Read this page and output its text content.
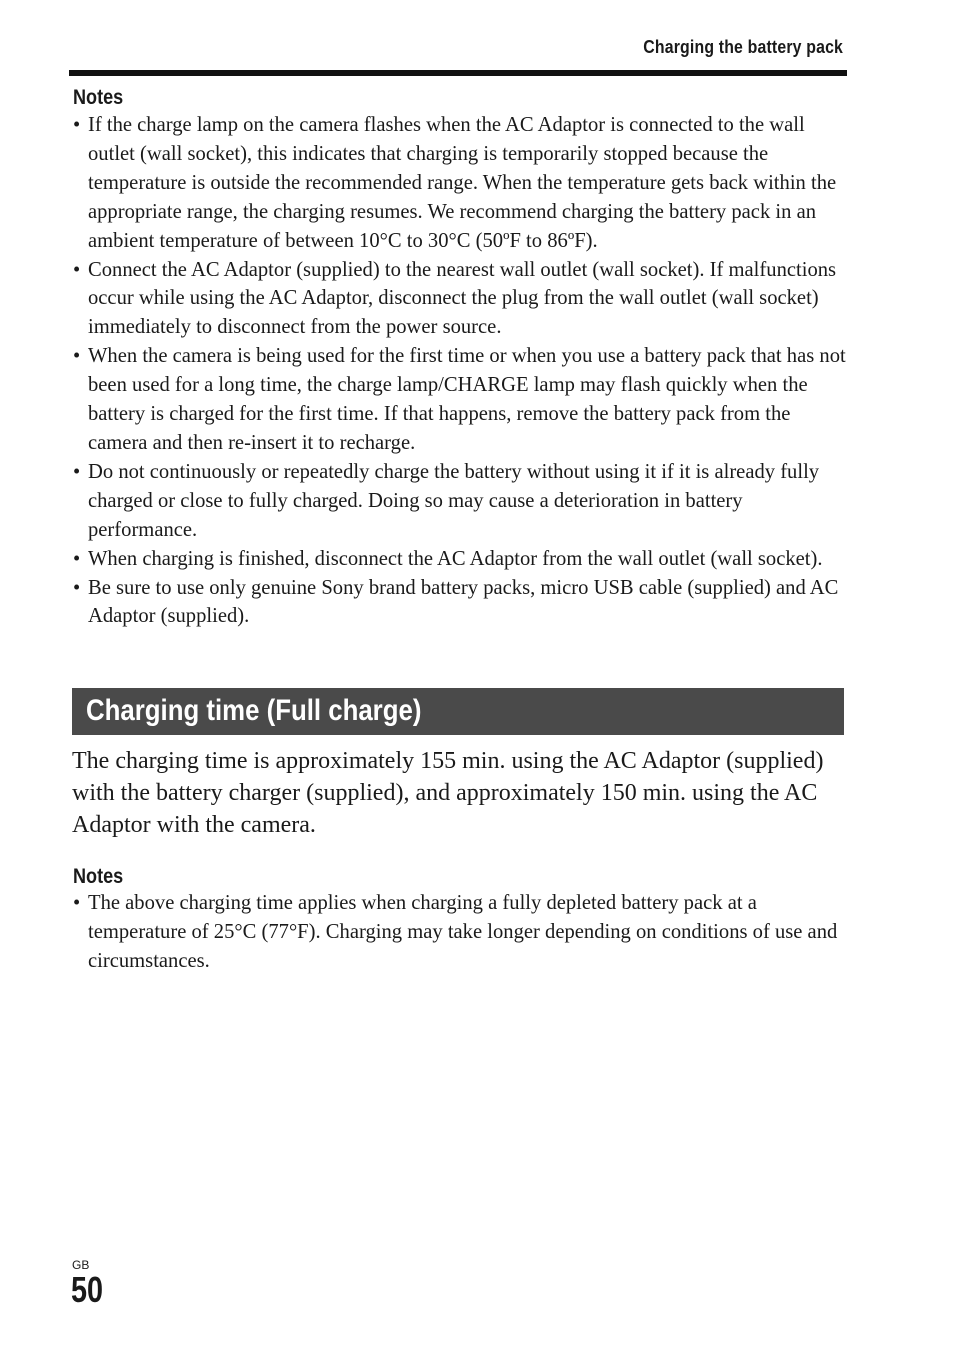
Charging the battery pack
Notes
• If the charge lamp on the camera flashes when the AC Adaptor is connected to the wall outlet (wall socket), this indicates that charging is temporarily stopped because the temperature is outside the recommended range. When the temperature gets back within the appropriate range, the charging resumes. We recommend charging the battery pack in an ambient temperature of between 10°C to 30°C (50ºF to 86ºF).
• Connect the AC Adaptor (supplied) to the nearest wall outlet (wall socket). If malfunctions occur while using the AC Adaptor, disconnect the plug from the wall outlet (wall socket) immediately to disconnect from the power source.
• When the camera is being used for the first time or when you use a battery pack that has not been used for a long time, the charge lamp/CHARGE lamp may flash quickly when the battery is charged for the first time. If that happens, remove the battery pack from the camera and then re-insert it to recharge.
• Do not continuously or repeatedly charge the battery without using it if it is already fully charged or close to fully charged. Doing so may cause a deterioration in battery performance.
• When charging is finished, disconnect the AC Adaptor from the wall outlet (wall socket).
• Be sure to use only genuine Sony brand battery packs, micro USB cable (supplied) and AC Adaptor (supplied).
Charging time (Full charge)

The charging time is approximately 155 min. using the AC Adaptor (supplied) with the battery charger (supplied), and approximately 150 min. using the AC Adaptor with the camera.

Notes
• The above charging time applies when charging a fully depleted battery pack at a temperature of 25°C (77°F). Charging may take longer depending on conditions of use and circumstances.
GB
50
